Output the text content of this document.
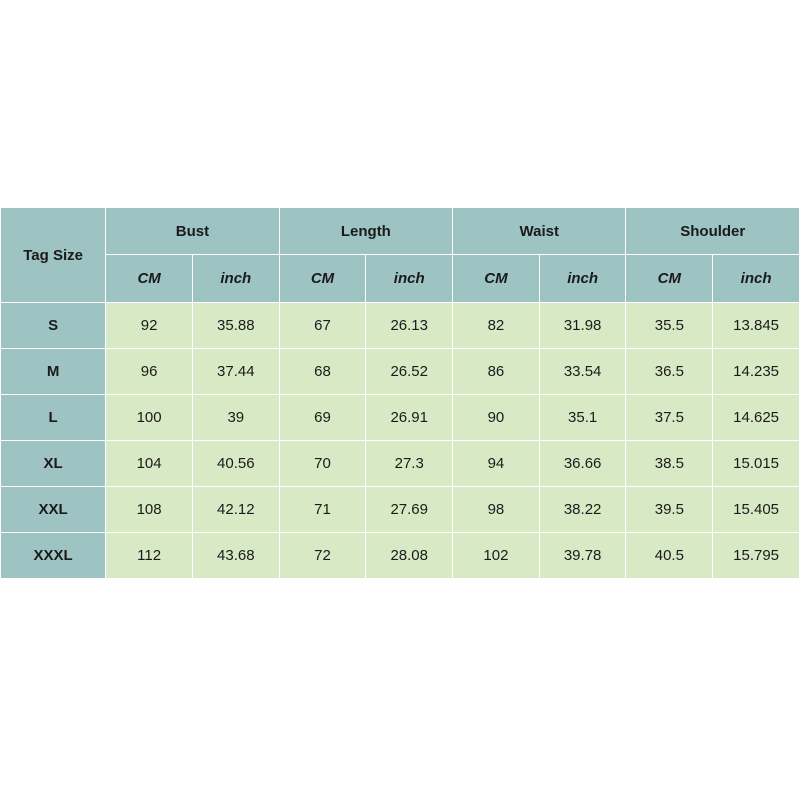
Tag Size	Bust		Length		Waist		Shoulder	
	CM	inch	CM	inch	CM	inch	CM	inch
S	92	35.88	67	26.13	82	31.98	35.5	13.845
M	96	37.44	68	26.52	86	33.54	36.5	14.235
L	100	39	69	26.91	90	35.1	37.5	14.625
XL	104	40.56	70	27.3	94	36.66	38.5	15.015
XXL	108	42.12	71	27.69	98	38.22	39.5	15.405
XXXL	112	43.68	72	28.08	102	39.78	40.5	15.795
